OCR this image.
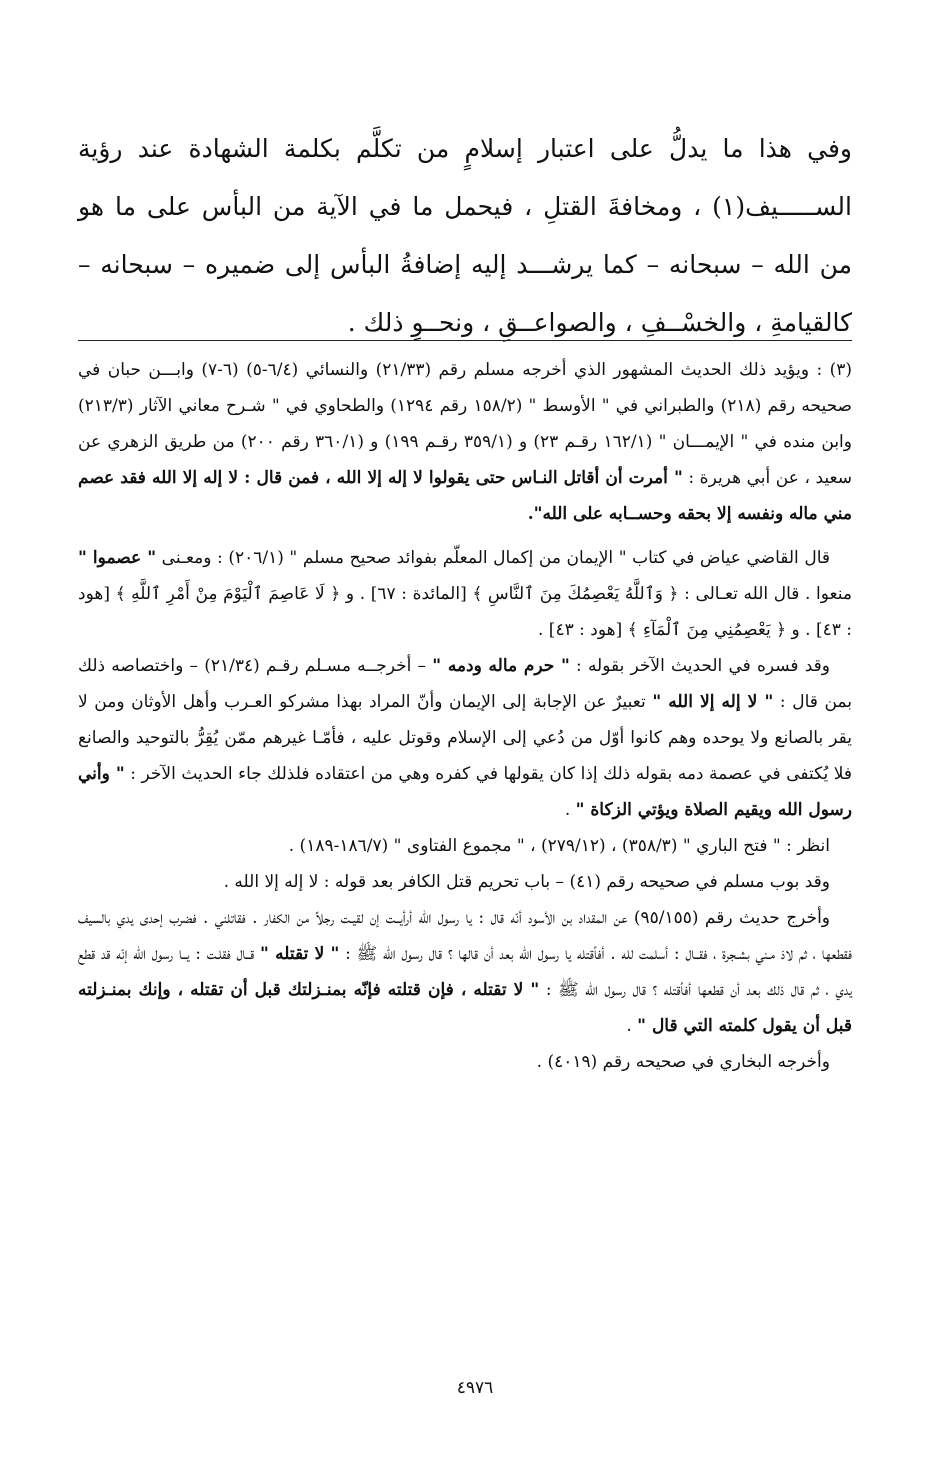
وفي هذا ما يدلُّ على اعتبار إسلامٍ من تكلَّم بكلمة الشهادة عند رؤية الســـــيف(١) ، ومخافةَ القتلِ ، فيحمل ما في الآية من البأس على ما هو من الله – سبحانه – كما يرشـــد إليه إضافةُ البأس إلى ضميره – سبحانه – كالقيامةِ ، والخسْــفِ ، والصواعــقِ ، ونحــوِ ذلك .

(٣) : ويؤيد ذلك الحديث المشهور الذي أخرجه مسلم رقم (٢١/٣٣) والنسائي (٦/٤-٥) (٦-٧) وابـــن حبان في صحيحه رقم (٢١٨) والطبراني في " الأوسط " (١٥٨/٢ رقم ١٢٩٤) والطحاوي في " شـرح معاني الآثار (٢١٣/٣) وابن منده في " الإيمـــان " (١٦٢/١ رقـم ٢٣) و (٣٥٩/١ رقـم ١٩٩) و (٣٦٠/١ رقم ٢٠٠) من طريق الزهري عن سعيد ، عن أبي هريرة : " أمرت أن أقاتل النـاس حتى يقولوا لا إله إلا الله ، فمن قال : لا إله إلا الله فقد عصم مني ماله ونفسه إلا بحقه وحســابه على الله".

قال القاضي عياض في كتاب " الإيمان من إكمال المعلّم بفوائد صحيح مسلم " (٢٠٦/١) : ومعـنى " عصموا " منعوا . قال الله تعـالى : ﴿ وَٱللَّهُ يَعْصِمُكَ مِنَ ٱلنَّاسِ ﴾ [المائدة : ٦٧] . و ﴿ لَا عَاصِمَ ٱلْيَوْمَ مِنْ أَمْرِ ٱللَّهِ ﴾ [هود : ٤٣] . و ﴿ يَعْصِمُنِي مِنَ ٱلْمَآءِ ﴾ [هود : ٤٣] .

وقد فسره في الحديث الآخر بقوله : " حرم ماله ودمه " – أخرجــه مسـلم رقـم (٢١/٣٤) – واختصاصه ذلك بمن قال : " لا إله إلا الله " تعبيرٌ عن الإجابة إلى الإيمان وأنّ المراد بهذا مشركو العـرب وأهل الأوثان ومن لا يقر بالصانع ولا يوحده وهم كانوا أوّل من دُعي إلى الإسلام وقوتل عليه ، فأمّـا غيرهم ممّن يُقِرُّ بالتوحيد والصانع فلا يُكتفى في عصمة دمه بقوله ذلك إذا كان يقولها في كفره وهي من اعتقاده فلذلك جاء الحديث الآخر : " وأني رسول الله ويقيم الصلاة ويؤتي الزكاة " .

انظر : " فتح الباري " (٣٥٨/٣) ، (٢٧٩/١٢) ، " مجموع الفتاوى " (١٨٦/٧-١٨٩) .

وقد بوب مسلم في صحيحه رقم (٤١) – باب تحريم قتل الكافر بعد قوله : لا إله إلا الله .

وأخرج حديث رقم (٩٥/١٥٥) عن المقداد بن الأسود أنّه قال : يا رسول الله أرأيــت إن لقيـت رجلاً من الكفار . فقاتلني . فضرب إحدى يدي بالسيف فقطعها ، ثم لاذ مـني بشـجرة ، فقــال : أسلمت لله . أفأقتله يا رسول الله بعد أن قالها ؟ قال رسول الله ﷺ : " لا تقتله " قــال فقلـت : يــا رسول الله إنّه قد قطع يدي ، ثم قال ذلك بعد أن قطعها أفأقتله ؟ قال رسول الله ﷺ : " لا تقتله ، فإن قتلته فإنّه بمنـزلتك قبل أن تقتله ، وإنك بمنـزلته قبل أن يقول كلمته التي قال " .

وأخرجه البخاري في صحيحه رقم (٤٠١٩) .

٤٩٧٦
